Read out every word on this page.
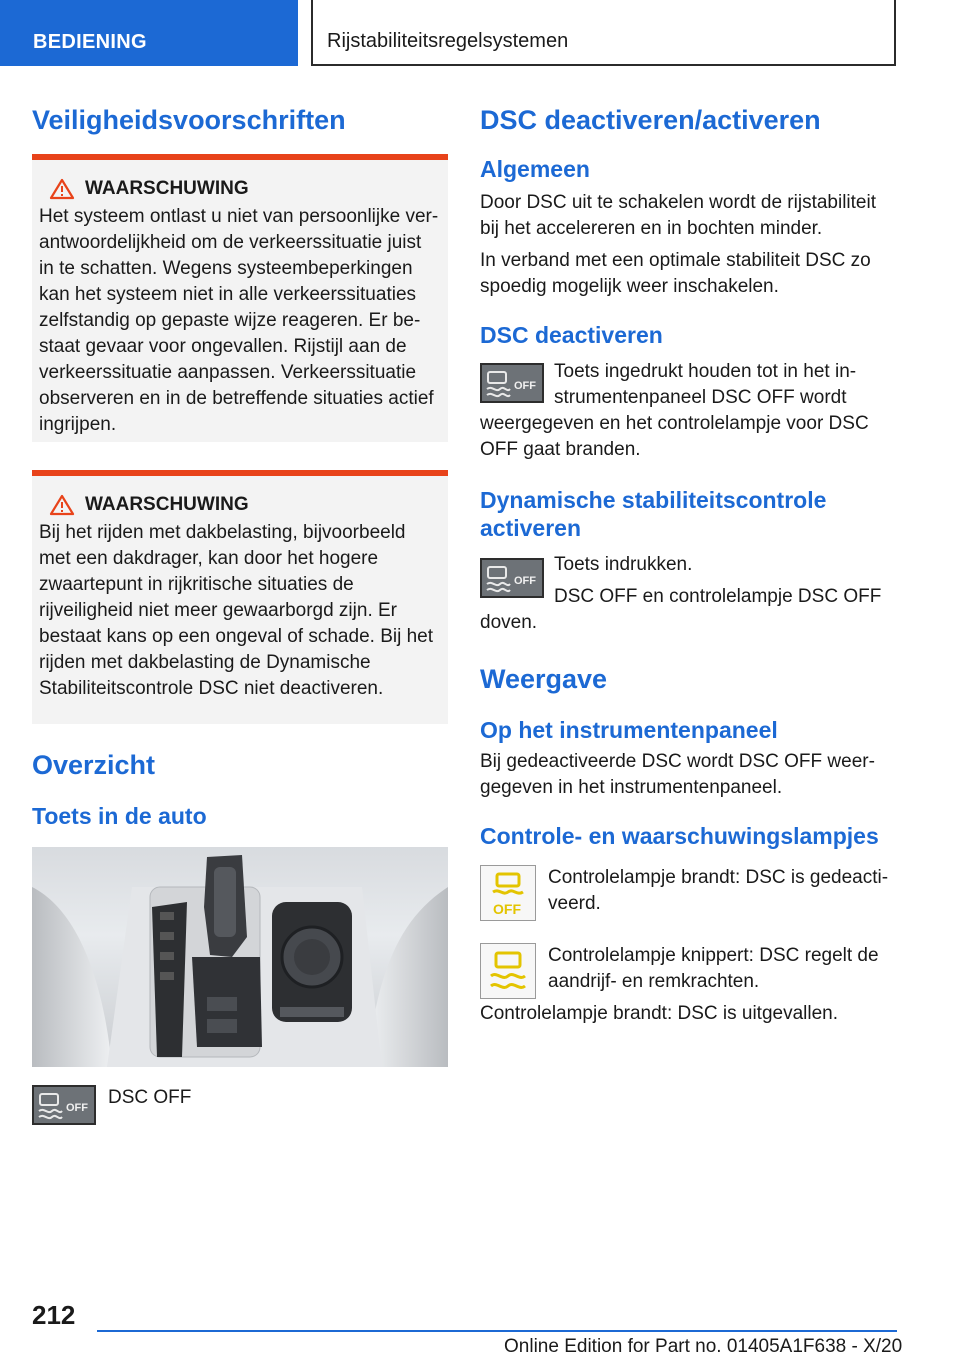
BEDIENING	Rijstabiliteitsregelsystemen
Veiligheidsvoorschriften
WAARSCHUWING

Het systeem ontlast u niet van persoonlijke verantwoordelijkheid om de verkeerssituatie juist in te schatten. Wegens systeembeperkingen kan het systeem niet in alle verkeerssituaties zelfstandig op gepaste wijze reageren. Er bestaat gevaar voor ongevallen. Rijstijl aan de verkeerssituatie aanpassen. Verkeerssituatie observeren en in de betreffende situaties actief ingrijpen.

WAARSCHUWING

Bij het rijden met dakbelasting, bijvoorbeeld met een dakdrager, kan door het hogere zwaartepunt in rijkritische situaties de rijveiligheid niet meer gewaarborgd zijn. Er bestaat kans op een ongeval of schade. Bij het rijden met dakbelasting de Dynamische Stabiliteitscontrole DSC niet deactiveren.

Overzicht
Toets in de auto
OFF DSC OFF

DSC deactiveren/activeren
Algemeen

Door DSC uit te schakelen wordt de rijstabiliteit bij het accelereren en in bochten minder.

In verband met een optimale stabiliteit DSC zo spoedig mogelijk weer inschakelen.

DSC deactiveren
OFF

Toets ingedrukt houden tot in het instrumentenpaneel DSC OFF wordt weergegeven en het controlelampje voor DSC OFF gaat branden.

Dynamische stabiliteitscontrole activeren
OFF

Toets indrukken.

DSC OFF en controlelampje DSC OFF doven.

Weergave
Op het instrumentenpaneel

Bij gedeactiveerde DSC wordt DSC OFF weergegeven in het instrumentenpaneel.

Controle- en waarschuwingslampjes
OFF

Controlelampje brandt: DSC is gedeactiveerd.

Controlelampje knippert: DSC regelt de aandrijf- en remkrachten.

Controlelampje brandt: DSC is uitgevallen.

212
Online Edition for Part no. 01405A1F638 - X/20
